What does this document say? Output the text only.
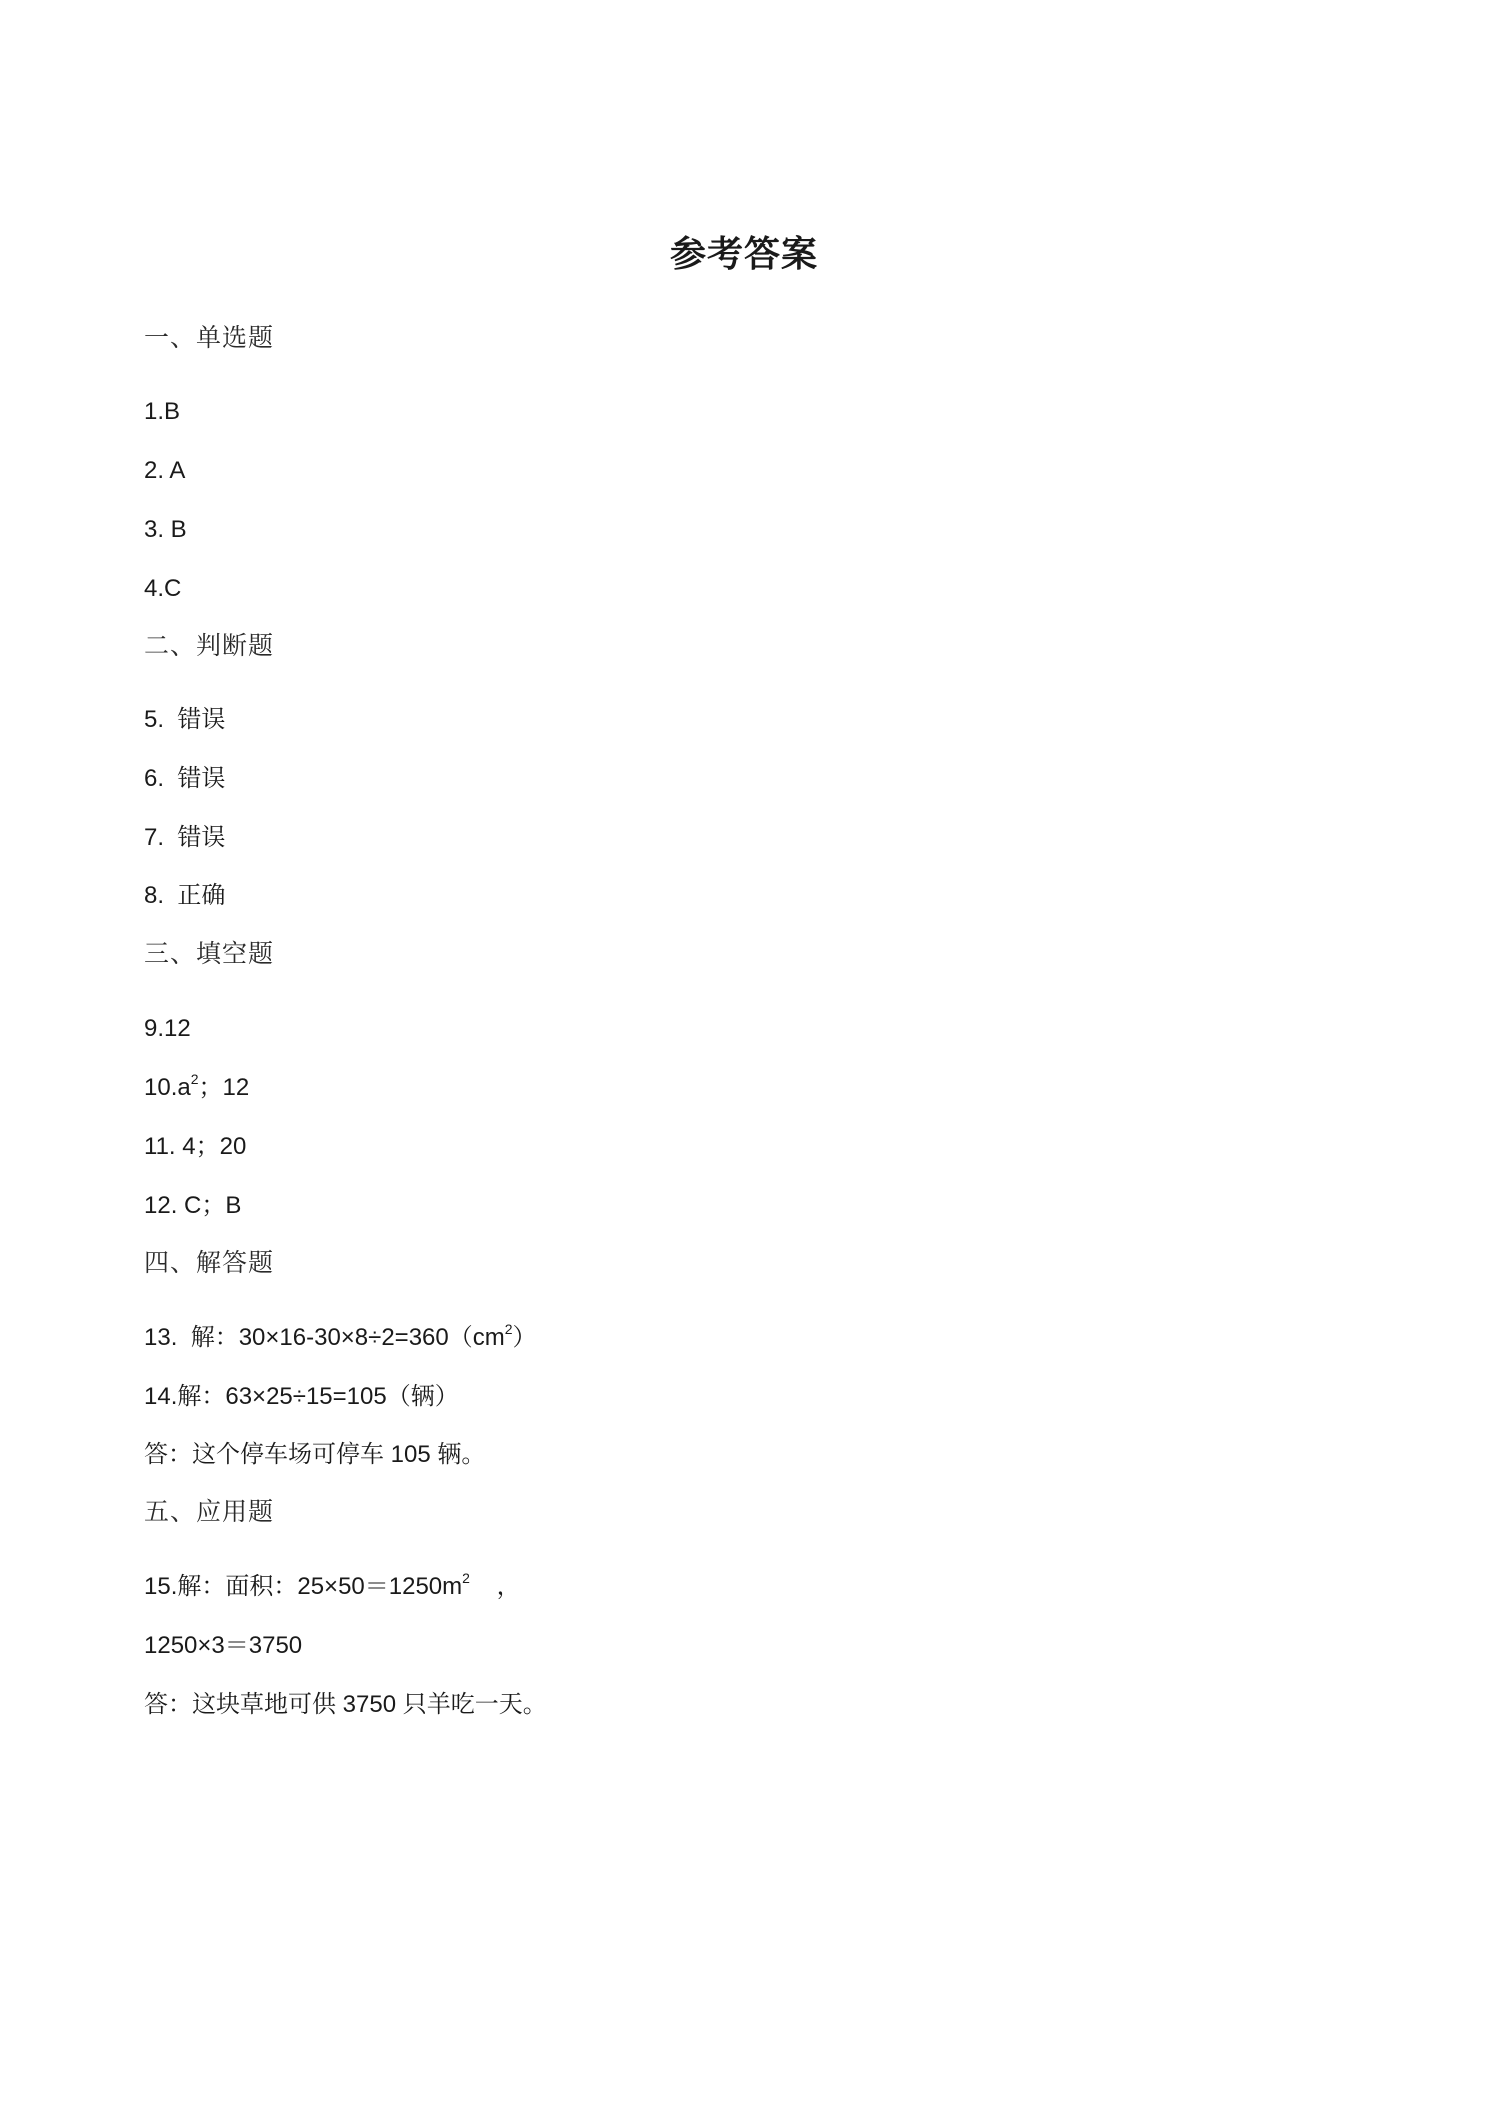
参考答案
一、单选题
1.B
2. A
3. B
4.C
二、判断题
5.  错误
6.  错误
7.  错误
8.  正确
三、填空题
9.12
$10.a^2$；12
11. 4；20
12. C；B
四、解答题
13.  解：$30\times 16-30\times 8\div 2=360(cm^2)$
14.解：63×25÷15=105（辆）
答：这个停车场可停车 105 辆。
五、应用题
15.解：面积：$25\times 50=1250m^2$    ，
1250×3＝3750
答：这块草地可供 3750 只羊吃一天。
